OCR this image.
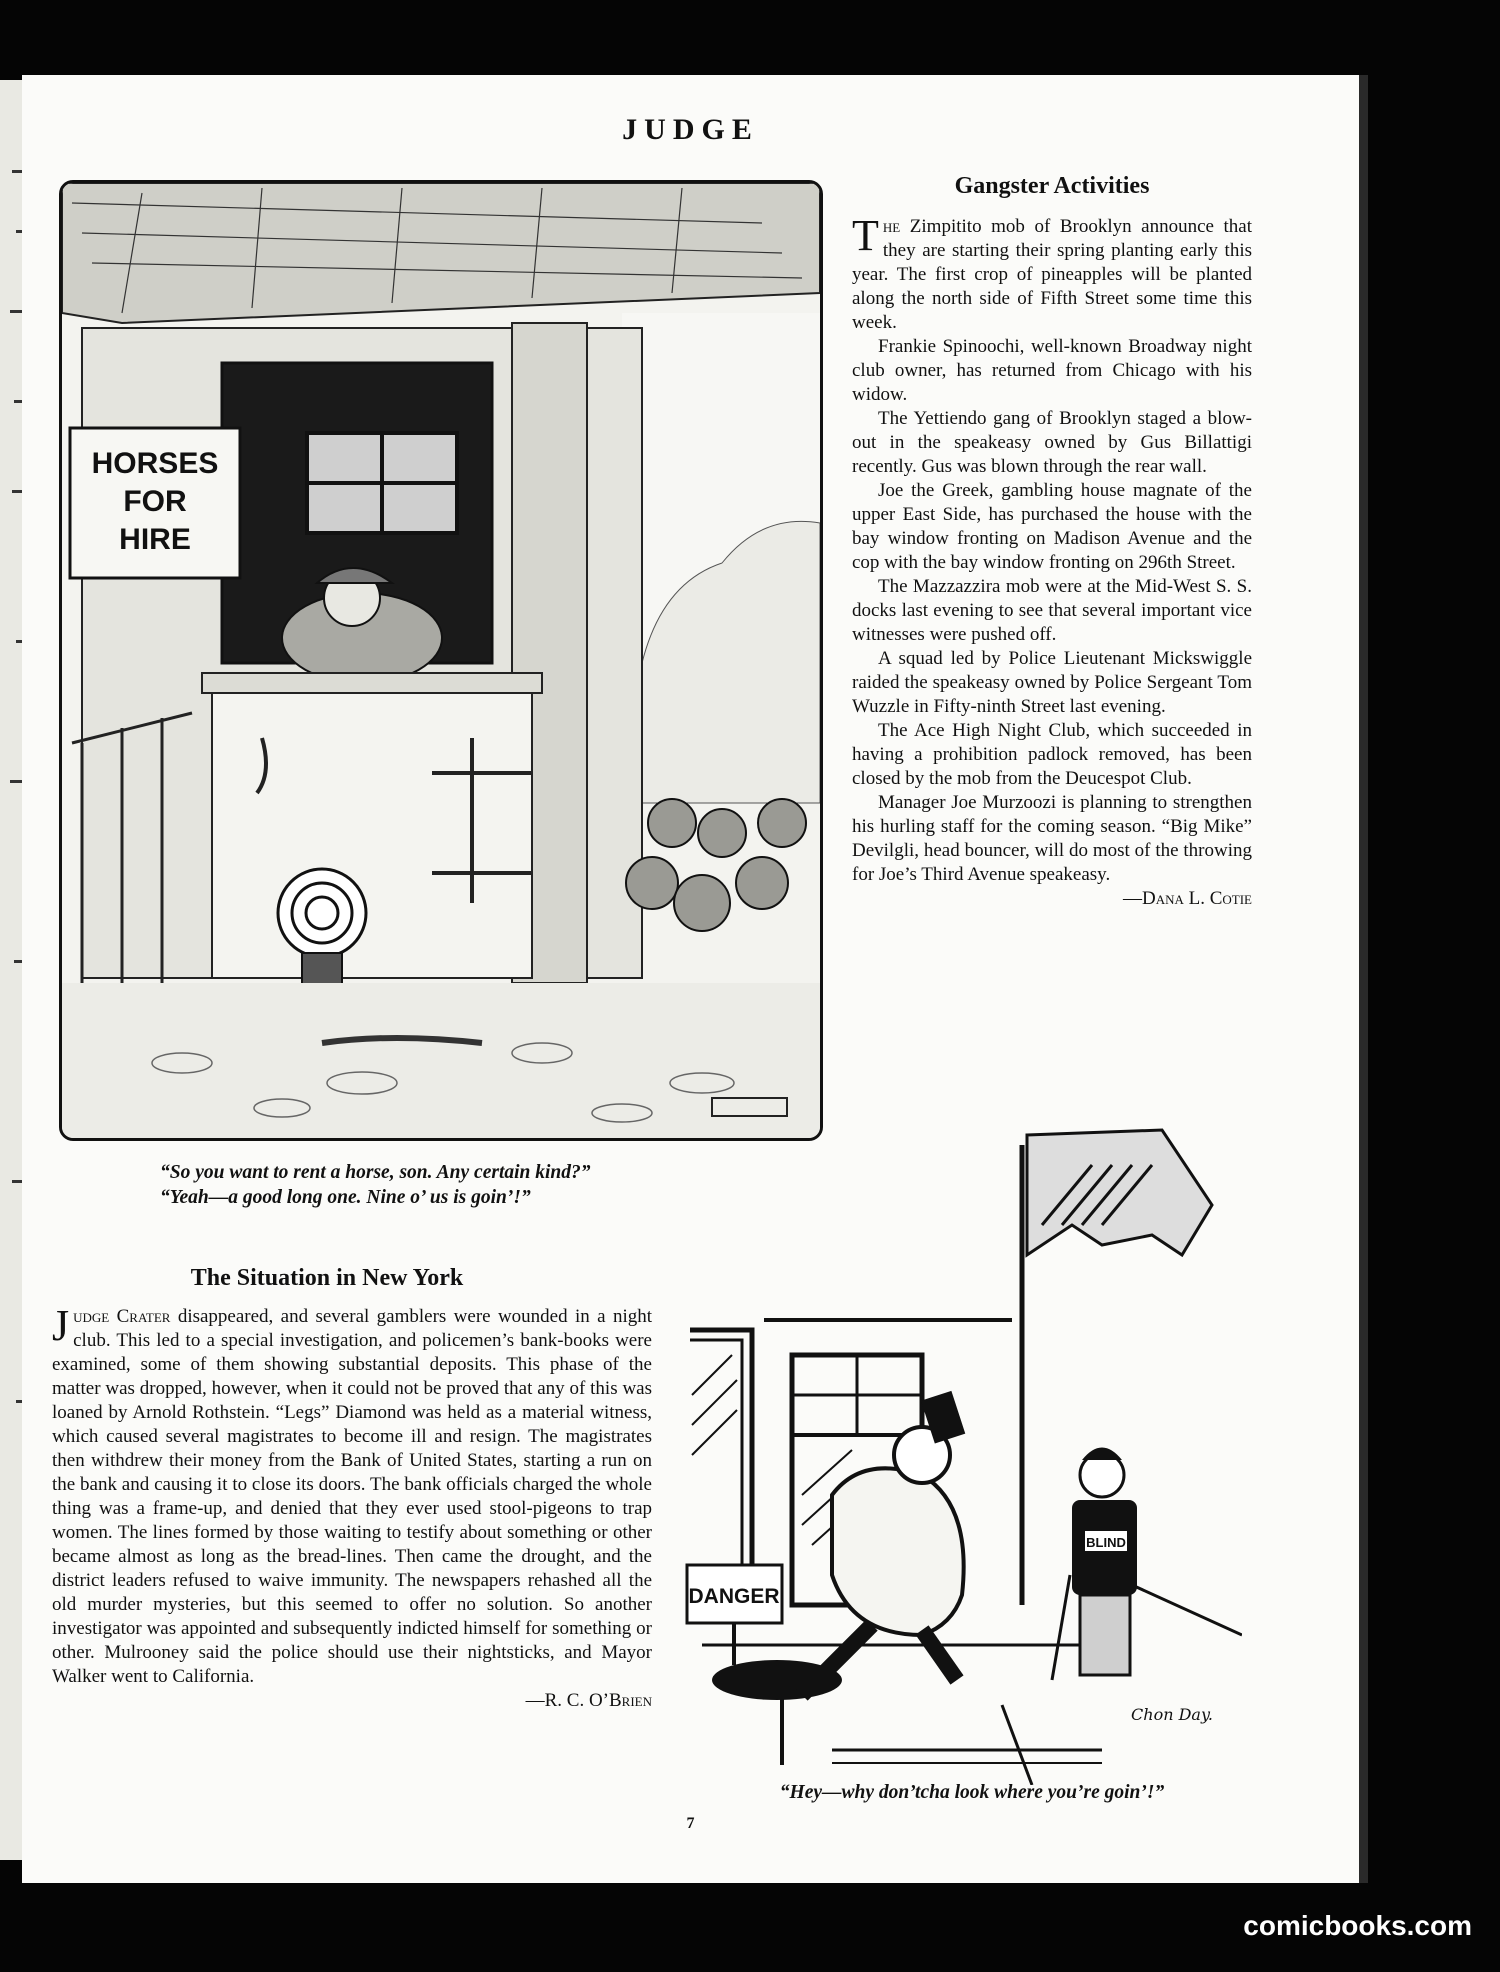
JUDGE
HORSES
FOR
HIRE
“So you want to rent a horse, son. Any certain kind?”
“Yeah—a good long one. Nine o’ us is goin’!”
Gangster Activities

The Zimpitito mob of Brooklyn announce that they are starting their spring planting early this year. The first crop of pineapples will be planted along the north side of Fifth Street some time this week.

Frankie Spinoochi, well-known Broadway night club owner, has returned from Chicago with his widow.

The Yettiendo gang of Brooklyn staged a blow-out in the speakeasy owned by Gus Billattigi recently. Gus was blown through the rear wall.

Joe the Greek, gambling house magnate of the upper East Side, has purchased the house with the bay window fronting on Madison Avenue and the cop with the bay window fronting on 296th Street.

The Mazzazzira mob were at the Mid-West S. S. docks last evening to see that several important vice witnesses were pushed off.

A squad led by Police Lieutenant Mickswiggle raided the speakeasy owned by Police Sergeant Tom Wuzzle in Fifty-ninth Street last evening.

The Ace High Night Club, which succeeded in having a prohibition padlock removed, has been closed by the mob from the Deucespot Club.

Manager Joe Murzoozi is planning to strengthen his hurling staff for the coming season. “Big Mike” Devilgli, head bouncer, will do most of the throwing for Joe’s Third Avenue speakeasy.

—Dana L. Cotie
The Situation in New York

Judge Crater disappeared, and several gamblers were wounded in a night club. This led to a special investigation, and policemen’s bank-books were examined, some of them showing substantial deposits. This phase of the matter was dropped, however, when it could not be proved that any of this was loaned by Arnold Rothstein. “Legs” Diamond was held as a material witness, which caused several magistrates to become ill and resign. The magistrates then withdrew their money from the Bank of United States, starting a run on the bank and causing it to close its doors. The bank officials charged the whole thing was a frame-up, and denied that they ever used stool-pigeons to trap women. The lines formed by those waiting to testify about something or other became almost as long as the bread-lines. Then came the drought, and the district leaders refused to waive immunity. The newspapers rehashed all the old murder mysteries, but this seemed to offer no solution. So another investigator was appointed and subsequently indicted himself for something or other. Mulrooney said the police should use their nightsticks, and Mayor Walker went to California.

—R. C. O’Brien
DANGER
BLIND
Chon Day.
“Hey—why don’tcha look where you’re goin’!”
7
comicbooks.com
